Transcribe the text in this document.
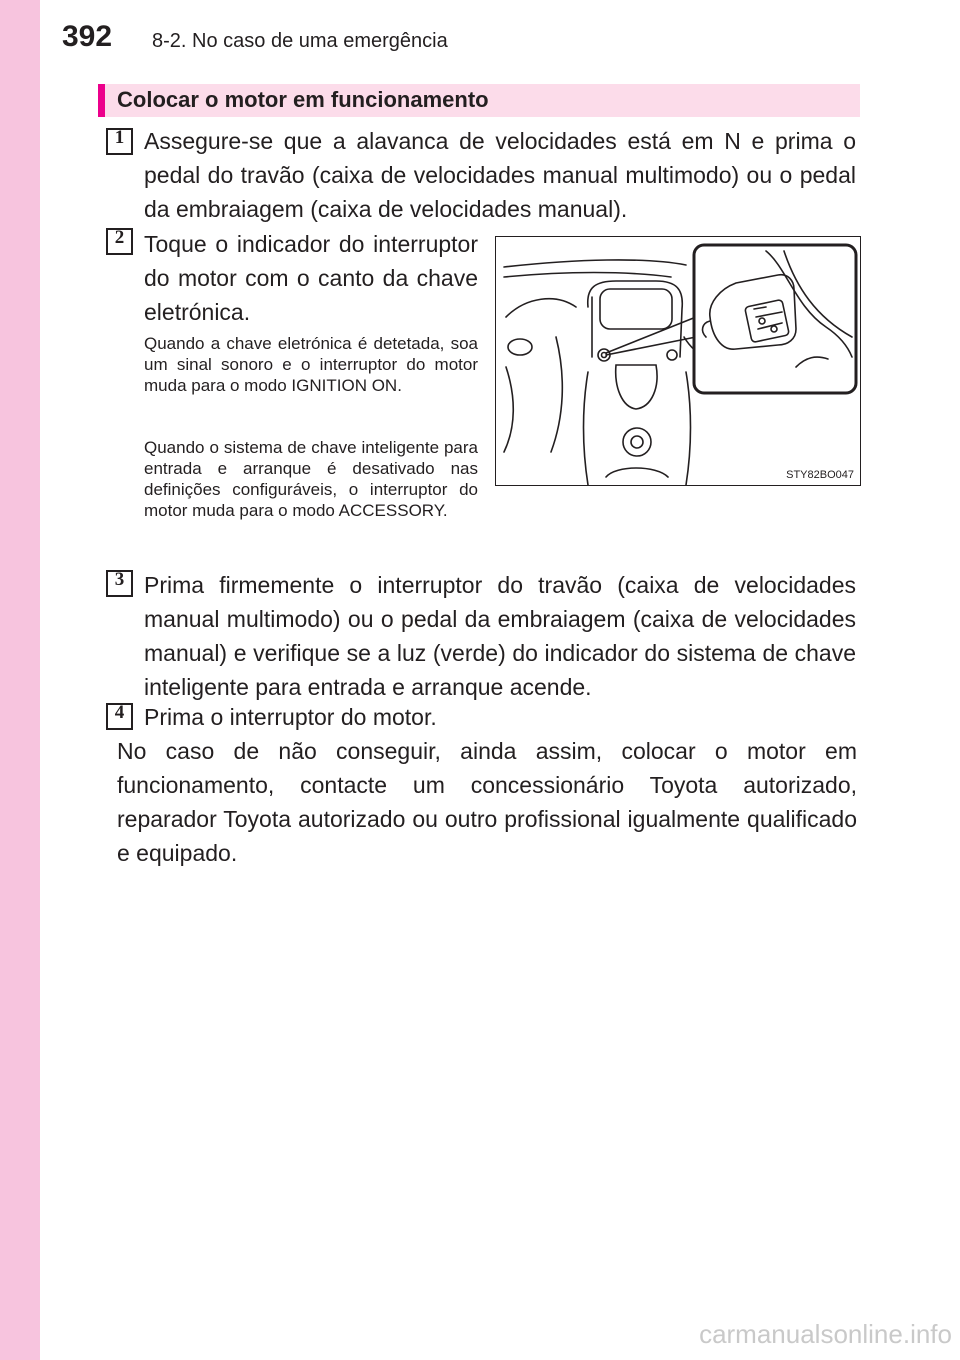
392 8-2. No caso de uma emergência
Colocar o motor em funcionamento
1 Assegure-se que a alavanca de velocidades está em N e prima o pedal do travão (caixa de velocidades manual multimodo) ou o pedal da embraiagem (caixa de velocidades manual).
2 Toque o indicador do interruptor do motor com o canto da chave eletrónica.
Quando a chave eletrónica é detetada, soa um sinal sonoro e o interruptor do motor muda para o modo IGNITION ON.
Quando o sistema de chave inteligente para entrada e arranque é desativado nas definições configuráveis, o interruptor do motor muda para o modo ACCESSORY.
STY82BO047
3 Prima firmemente o interruptor do travão (caixa de velocidades manual multimodo) ou o pedal da embraiagem (caixa de velocidades manual) e verifique se a luz (verde) do indicador do sistema de chave inteligente para entrada e arranque acende.
4 Prima o interruptor do motor.
No caso de não conseguir, ainda assim, colocar o motor em funcionamento, contacte um concessionário Toyota autorizado, reparador Toyota autorizado ou outro profissional igualmente qualificado e equipado.
carmanualsonline.info
